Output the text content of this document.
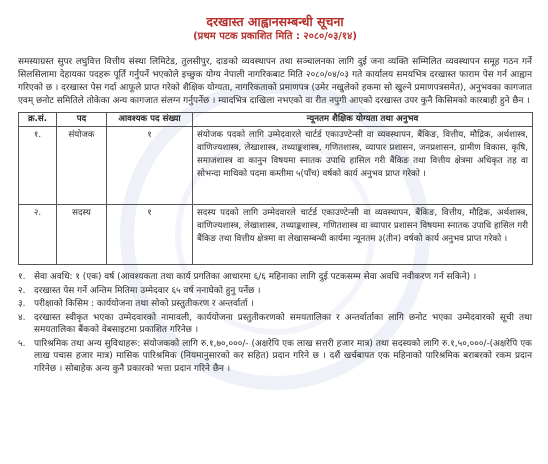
दरखास्त आह्वानसम्बन्धी सूचना
(प्रथम पटक प्रकाशित मिति : २०८०/०३/१४)

समस्याग्रस्त सुपर लघुवित्त वित्तीय संस्था लिमिटेड, तुलसीपुर, दाङको व्यवस्थापन तथा सञ्चालनका लागि दुई जना व्यक्ति सम्मिलित व्यवस्थापन समूह गठन गर्ने सिलसिलामा देहायका पदहरू पूर्ति गर्नुपर्ने भएकोले इच्छुक योग्य नेपाली नागरिकबाट मिति २०८०/०४/०३ गते कार्यालय समयभित्र दरखास्त फाराम पेस गर्न आह्वान गरिएको छ । दरखास्त पेस गर्दा आफूले प्राप्त गरेको शैक्षिक योग्यता, नागरिकताको प्रमाणपत्र (उमेर नखुलेको हकमा सो खुल्ने प्रमाणपत्रसमेत), अनुभवका कागजात एवम् छनोट समितिले तोकेका अन्य कागजात संलग्न गर्नुपर्नेछ । म्यादभित्र दाखिला नभएको वा रीत नपुगी आएको दरखास्त उपर कुनै किसिमको कारबाही हुने छैन ।

क्र.सं.	पद	आवश्यक पद संख्या	न्यूनतम शैक्षिक योग्यता तथा अनुभव
१.	संयोजक	१	संयोजक पदको लागि उम्मेदवारले चार्टर्ड एकाउण्टेन्सी वा व्यवस्थापन, बैंकिङ, वित्तीय, मौद्रिक, अर्थशास्त्र, वाणिज्यशास्त्र, लेखाशास्त्र, तथ्याङ्कशास्त्र, गणितशास्त्र, व्यापार प्रशासन, जनप्रशासन, ग्रामीण विकास, कृषि, समाजशास्त्र वा कानुन विषयमा स्नातक उपाधि हासिल गरी बैंकिङ तथा वित्तीय क्षेत्रमा अधिकृत तह वा सोभन्दा माथिको पदमा कम्तीमा ५(पाँच) वर्षको कार्य अनुभव प्राप्त गरेको ।
२.	सदस्य	१	सदस्य पदको लागि उम्मेदवारले चार्टर्ड एकाउण्टेन्सी वा व्यवस्थापन, बैंकिङ, वित्तीय, मौद्रिक, अर्थशास्त्र, वाणिज्यशास्त्र, लेखाशास्त्र, तथ्याङ्कशास्त्र, गणितशास्त्र वा व्यापार प्रशासन विषयमा स्नातक उपाधि हासिल गरी बैंकिङ तथा वित्तीय क्षेत्रमा वा लेखासम्बन्धी कार्यमा न्यूनतम ३(तीन) वर्षको कार्य अनुभव प्राप्त गरेको ।
१. सेवा अवधि: १ (एक) वर्ष (आवश्यकता तथा कार्य प्रगतिका आधारमा ६/६ महिनाका लागि दुई पटकसम्म सेवा अवधि नवीकरण गर्न सकिने) ।
२. दरखास्त पेस गर्ने अन्तिम मितिमा उम्मेदवार ६५ वर्ष ननाघेको हुनु पर्नेछ ।
३. परीक्षाको किसिम : कार्ययोजना तथा सोको प्रस्तुतीकरण र अन्तर्वार्ता ।
४. दरखास्त स्वीकृत भएका उम्मेदवारको नामावली, कार्ययोजना प्रस्तुतीकरणको समयतालिका र अन्तर्वार्ताका लागि छनोट भएका उम्मेदवारको सूची तथा समयतालिका बैंकको वेबसाइटमा प्रकाशित गरिनेछ ।
५. पारिश्रमिक तथा अन्य सुविधाहरू: संयोजकको लागि रु.१,७०,०००/- (अक्षरेपि एक लाख सत्तरी हजार मात्र) तथा सदस्यको लागि रु.१,५०,०००/-(अक्षरेपि एक लाख पचास हजार मात्र) मासिक पारिश्रमिक (नियमानुसारको कर सहित) प्रदान गरिने छ । दशैं खर्चबापत एक महिनाको पारिश्रमिक बराबरको रकम प्रदान गरिनेछ । सोबाहेक अन्य कुनै प्रकारको भत्ता प्रदान गरिने छैन ।
